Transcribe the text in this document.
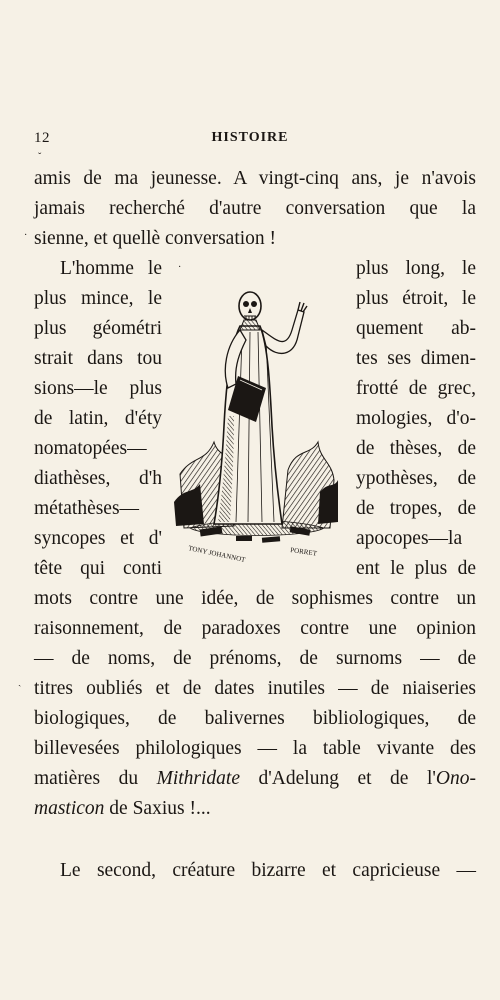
12	HISTOIRE
ˇ
·
·
ˏ
amis de ma jeunesse. A vingt-cinq ans, je n'avois
jamais recherché d'autre conversation que la
sienne, et quellè conversation !
L'homme le	plus long, le
plus mince, le	plus étroit, le
plus géométri	quement ab-
strait dans tou	tes ses dimen-
sions—le plus	frotté de grec,
de latin, d'éty	mologies, d'o-
nomatopées—	de thèses, de
diathèses, d'h	ypothèses, de
métathèses—	de tropes, de
syncopes et d'	apocopes—la
tête qui conti	ent le plus de
TONY JOHANNOT	PORRET
mots contre une idée, de sophismes contre un
raisonnement, de paradoxes contre une opinion
— de noms, de prénoms, de surnoms — de
titres oubliés et de dates inutiles — de niaiseries
biologiques, de balivernes bibliologiques, de
billevesées philologiques — la table vivante des
matières du Mithridate d'Adelung et de l'Ono-
masticon de Saxius !...
Le second, créature bizarre et capricieuse —
